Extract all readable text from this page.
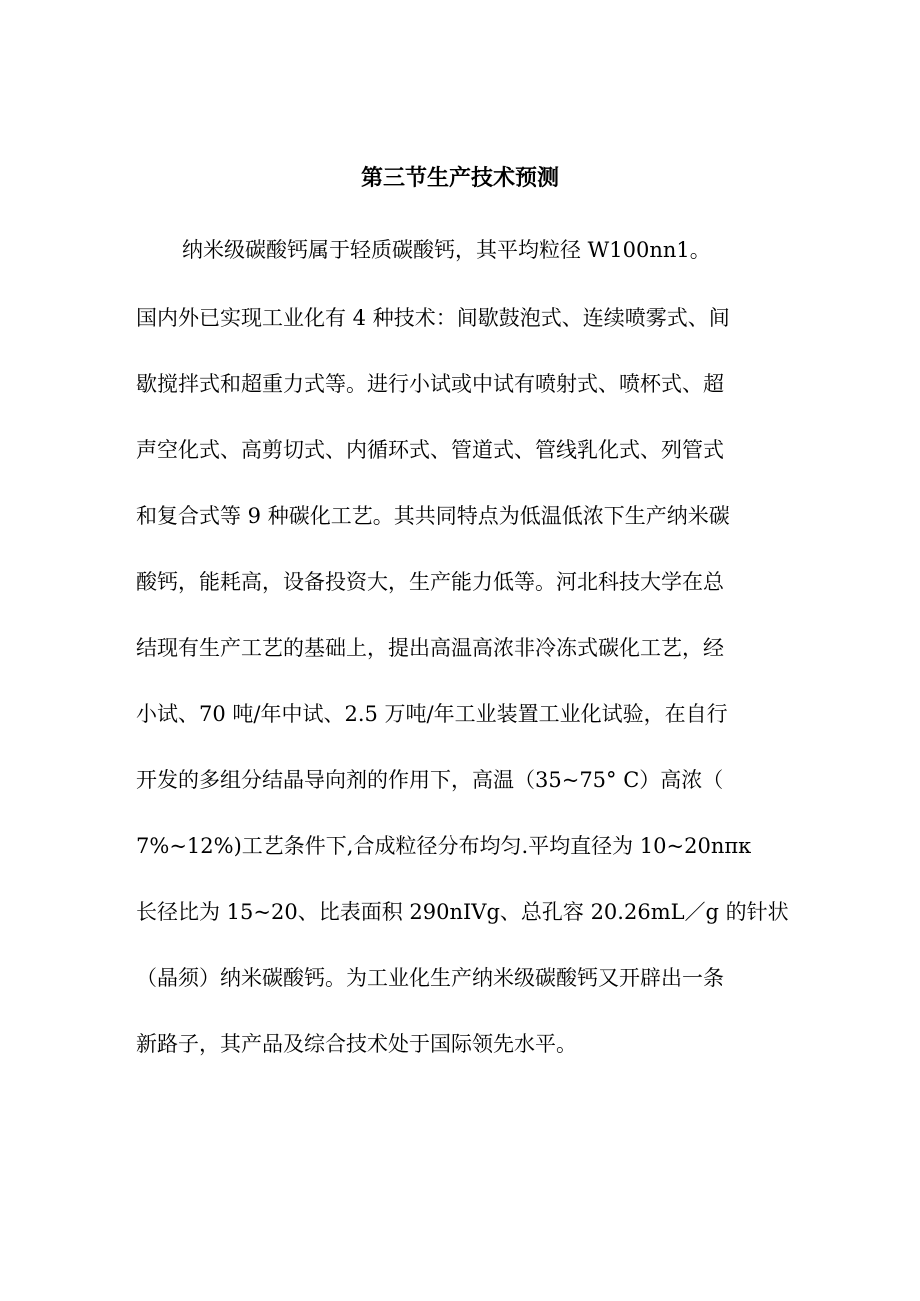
第三节生产技术预测
纳米级碳酸钙属于轻质碳酸钙，其平均粒径 W100nn1。
国内外已实现工业化有 4 种技术：间歇鼓泡式、连续喷雾式、间
歇搅拌式和超重力式等。进行小试或中试有喷射式、喷杯式、超
声空化式、高剪切式、内循环式、管道式、管线乳化式、列管式
和复合式等 9 种碳化工艺。其共同特点为低温低浓下生产纳米碳
酸钙，能耗高，设备投资大，生产能力低等。河北科技大学在总
结现有生产工艺的基础上，提出高温高浓非冷冻式碳化工艺，经
小试、70 吨/年中试、2.5 万吨/年工业装置工业化试验，在自行
开发的多组分结晶导向剂的作用下，高温（35~75° C）高浓（
7%~12%)工艺条件下,合成粒径分布均匀.平均直径为 10~20nπκ
长径比为 15~20、比表面积 290nIVg、总孔容 20.26mL／g 的针状
（晶须）纳米碳酸钙。为工业化生产纳米级碳酸钙又开辟出一条
新路子，其产品及综合技术处于国际领先水平。
